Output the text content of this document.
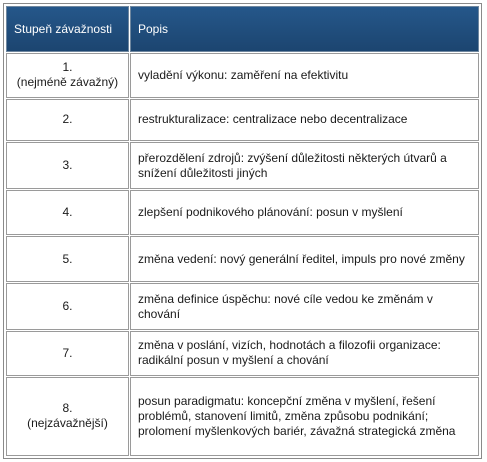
Stupeň závažnosti	Popis

1.
(nejméně závažný)	vyladění výkonu: zaměření na efektivitu

2.	restrukturalizace: centralizace nebo decentralizace

3.	přerozdělení zdrojů: zvýšení důležitosti některých útvarů a snížení důležitosti jiných

4.	zlepšení podnikového plánování: posun v myšlení

5.	změna vedení: nový generální ředitel, impuls pro nové změny

6.	změna definice úspěchu: nové cíle vedou ke změnám v chování

7.	změna v poslání, vizích, hodnotách a filozofii organizace: radikální posun v myšlení a chování

8.
(nejzávažnější)	posun paradigmatu: koncepční změna v myšlení, řešení problémů, stanovení limitů, změna způsobu podnikání; prolomení myšlenkových bariér, závažná strategická změna
